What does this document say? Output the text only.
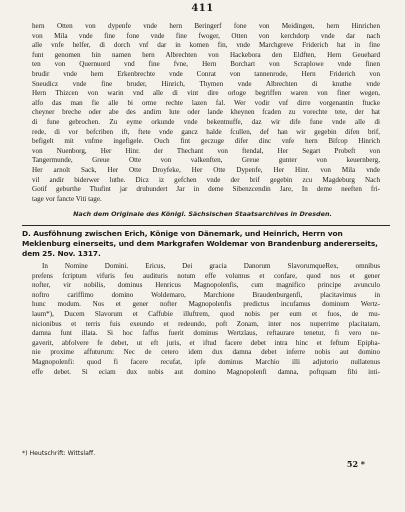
411
hern Otten von dypenfe vnde hern Beringerf fone von Meidingen, hern Hinrichen
von Mila vnde fine fone vnde fine fwoger, Otten von kerchdorp vnde dar nach
alle vnfe helfer, di dorch vnf dar in komen fin, vnde Marchgreve Friderich hat in fine
funt genomen hin namen hern Albrechten von Hackebora den Eldften, Hern Geuehard
ten von Quernuord vnd fine fvne, Hern Borchart von Scraplowe vnde finen
brudir vnde hern Erkenbrechte vnde Conrat von tannenrode, Hern Friderich von
Sneudicz vnde fine bruder, Hinrich, Thymen vnde Albrechten di knuthe vnde
Hern Thizcen von warin vnd alle di vint dire orloge begriffen waren von finer wegen,
alfo das man fie alle bi orme rechte lazen fal. Wer vodir vnf dirre vorgenantin ftucke
cheyner breche oder abe des andirn lute oder lande kheynen fcaden zu vorechte tete, der hat
di fune gebrochen. Zu eyme orkunde vnde bekentnuffe, daz wir dife fune vnde alle di
rede, di vor befcriben ift, ftete vnde gancz halde fcullen, def han wir gegebin difen brif,
befigelt mit vnfme ingefigele. Ouch fint geczuge difer dinc vnfe hern Bifcop Hinrich
von Nuenborg, Her Hinr. der Thechant von ftendal, Her Segart Probeft von
Tangermunde, Greue Otte von valkenften, Greue gunter von keuernberg,
Her arnolt Sack, Her Otte Droyfeke, Her Otte Dypenfe, Her Hinr. von Mila vnde
vil andir biderwer luthe. Dicz iz gefchen vnde der brif gegebin zcu Magdeburg Nach
Gotif geburthe Thufint jar druhundert Jar in deme Sibenzcendin Jare, In deme neeften fri-
tage vor fancte Viti tage.
Nach dem Originale des Königl. Sächsischen Staatsarchives in Dresden.
D. Ausföhnung zwischen Erich, Könige von Dänemark, und Heinrich, Herrn von Meklenburg einerseits, und dem Markgrafen Woldemar von Brandenburg andererseits, dem 25. Nov. 1317.
In Nomine Domini. Ericus, Dei gracia Danorum SlavorumqueRex, omnibus
prefens fcriptum vifuris feu audituris notum effe volumus et confare, quod nos et gener
nofter, vir nobilis, dominus Henricus Magnopolenfis, cum magnifico principe avunculo
noftro cariffimo domino Woldemaro, Marchione Braudenburgenfi, placitavimus in
hunc modum. Nos et gener nofter Magnopolenfis predictus incufamus dominum Wertz-
laum*), Ducem Slavorum et Caffubie illuftrem, quod nobis per eum et fuos, de mu-
nicionibus et terris fuis exeundo et redeundo, poft Zonam, inter nos nuperrime placitatam,
damna funt illata. Si hoc faffus fuerit dominus Wertzlaus, reftaurare tenetur, fi vero ne-
gaverit, abfolvere fe debet, ut eft juris, et iftud facere debet intra hinc et feftum Epipha-
nie proxime affuturum: Nec de cetero idem dux damna debet inferre nobis aut domino
Magnopolenfi: quod fi facere recufat, ipfe dominus Marchio illi adjutorio nullatenus
effe debet. Si eciam dux nobis aut domino Magnopolenfi damna, poftquam fibi inti-
*) Heutschrift: Wittslaff.
52 *
